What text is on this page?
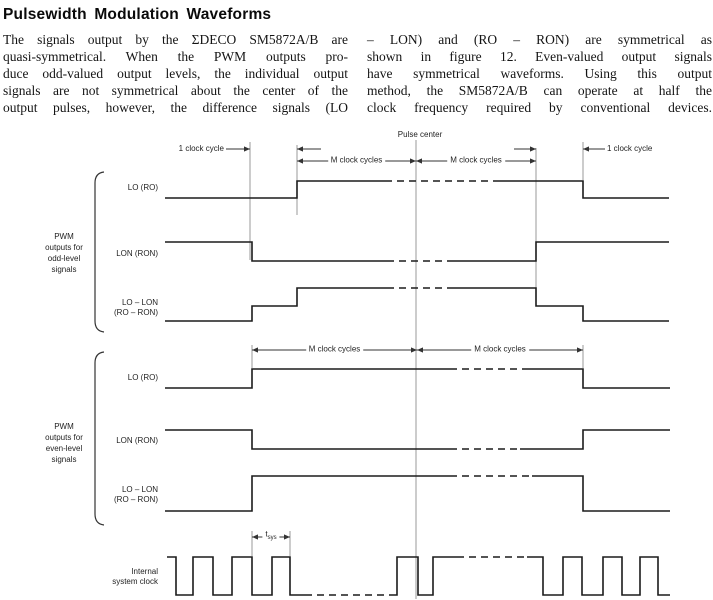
Pulsewidth Modulation Waveforms
The signals output by the ΣDECO SM5872A/B are
quasi-symmetrical. When the PWM outputs pro-
duce odd-valued output levels, the individual output
signals are not symmetrical about the center of the
output pulses, however, the difference signals (LO
– LON) and (RO – RON) are symmetrical as
shown in figure 12. Even-valued output signals
have symmetrical waveforms. Using this output
method, the SM5872A/B can operate at half the
clock frequency required by conventional devices.
Pulse center
PWM
outputs for
odd-level
signals
PWM
outputs for
even-level
signals
LO (RO)
LON (RON)
LO – LON
(RO – RON)
LO (RO)
LON (RON)
LO – LON
(RO – RON)
Internal
system clock
1 clock cycle	1 clock cycle
M clock cycles	M clock cycles
M clock cycles	M clock cycles
$t_{sys}$
